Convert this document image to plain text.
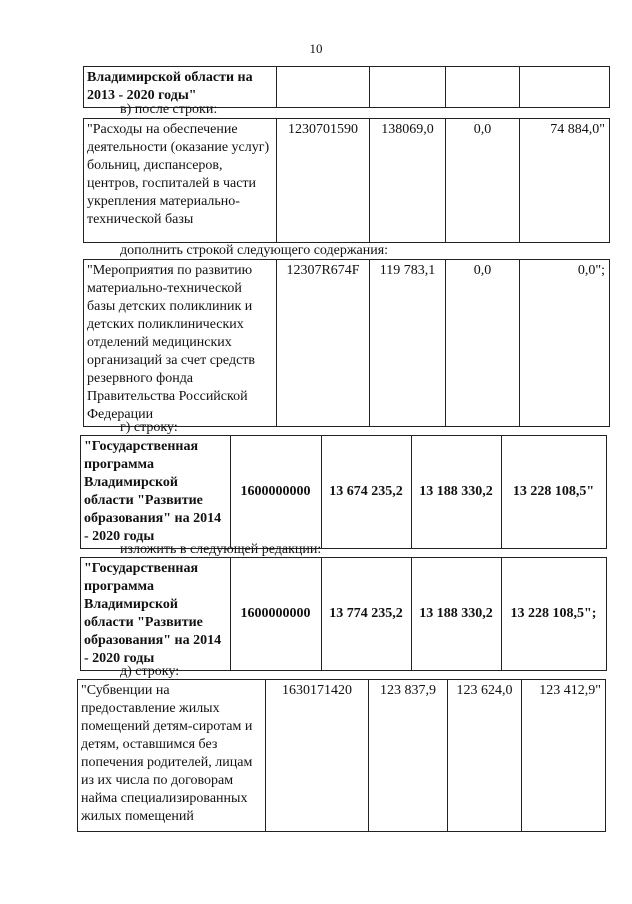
10
Владимирской области на 2013 - 2020 годы"				
в) после строки:
"Расходы на обеспечение деятельности (оказание услуг) больниц, диспансеров, центров, госпиталей в части укрепления материально-технической базы	1230701590	138069,0	0,0	74 884,0"
дополнить строкой следующего содержания:
"Мероприятия по развитию материально-технической базы детских поликлиник и детских поликлинических отделений медицинских организаций за счет средств резервного фонда Правительства Российской Федерации	12307R674F	119 783,1	0,0	0,0";
г) строку:
"Государственная программа Владимирской области "Развитие образования" на 2014 - 2020 годы	1600000000	13 674 235,2	13 188 330,2	13 228 108,5"
изложить в следующей редакции:
"Государственная программа Владимирской области "Развитие образования" на 2014 - 2020 годы	1600000000	13 774 235,2	13 188 330,2	13 228 108,5";
д) строку:
"Субвенции на предоставление жилых помещений детям-сиротам и детям, оставшимся без попечения родителей, лицам из их числа по договорам найма специализированных жилых помещений	1630171420	123 837,9	123 624,0	123 412,9"
